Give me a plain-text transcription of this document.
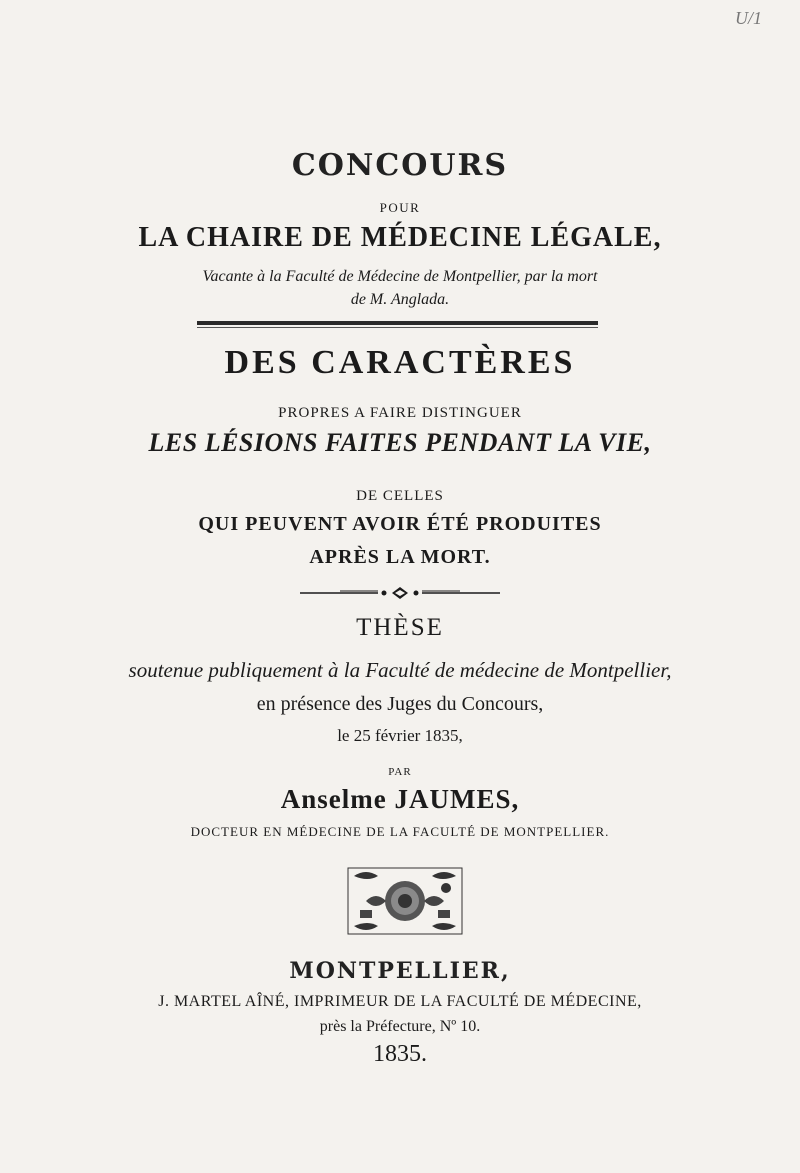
U/1
CONCOURS
POUR
LA CHAIRE DE MÉDECINE LÉGALE,
Vacante à la Faculté de Médecine de Montpellier, par la mort
de M. Anglada.
DES CARACTÈRES
PROPRES A FAIRE DISTINGUER
LES LÉSIONS FAITES PENDANT LA VIE,
DE CELLES
QUI PEUVENT AVOIR ÉTÉ PRODUITES
APRÈS LA MORT.
THÈSE
soutenue publiquement à la Faculté de médecine de Montpellier,
en présence des Juges du Concours,
le 25 février 1835,
PAR
Anselme JAUMES,
DOCTEUR EN MÉDECINE DE LA FACULTÉ DE MONTPELLIER.
MONTPELLIER,
J. MARTEL AÎNÉ, IMPRIMEUR DE LA FACULTÉ DE MÉDECINE,
près la Préfecture, Nº 10.
1835.
